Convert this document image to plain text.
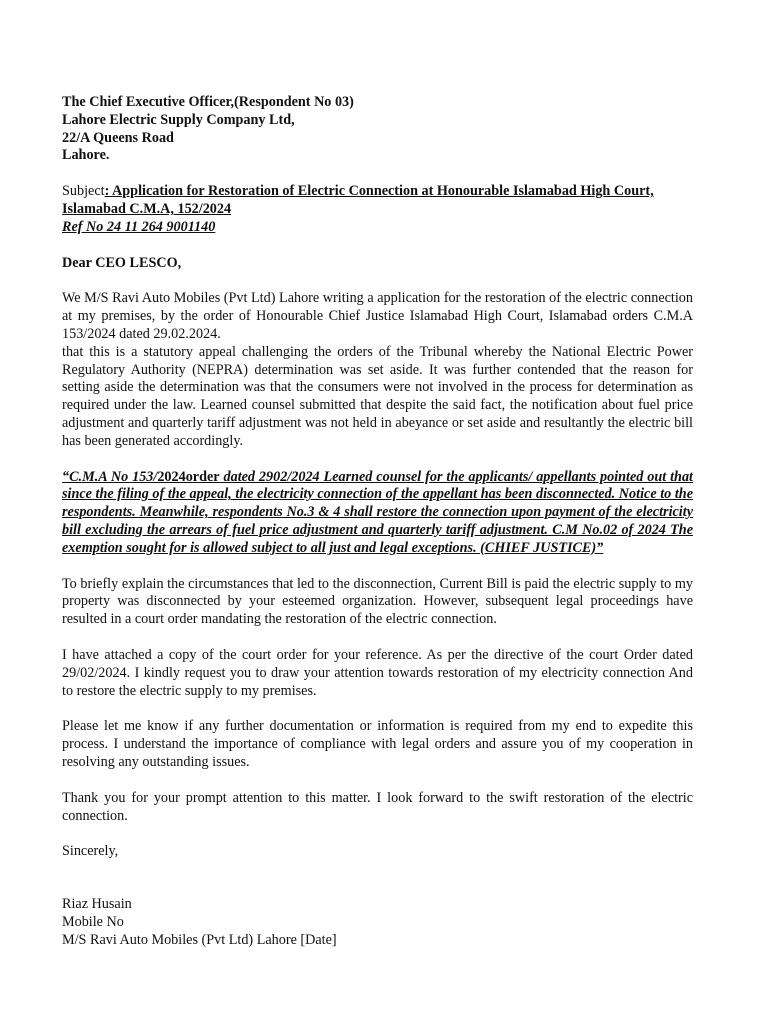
The Chief Executive Officer,(Respondent No 03)
Lahore Electric Supply Company Ltd,
22/A Queens Road
Lahore.
Subject: Application for Restoration of Electric Connection at Honourable Islamabad High Court, Islamabad C.M.A, 152/2024
Ref No 24 11 264 9001140
Dear CEO LESCO,

We M/S Ravi Auto Mobiles (Pvt Ltd) Lahore writing a application for the restoration of the electric connection at my premises, by the order of Honourable Chief Justice Islamabad High Court, Islamabad orders C.M.A 153/2024 dated 29.02.2024.

that this is a statutory appeal challenging the orders of the Tribunal whereby the National Electric Power Regulatory Authority (NEPRA) determination was set aside. It was further contended that the reason for setting aside the determination was that the consumers were not involved in the process for determination as required under the law. Learned counsel submitted that despite the said fact, the notification about fuel price adjustment and quarterly tariff adjustment was not held in abeyance or set aside and resultantly the electric bill has been generated accordingly.

“C.M.A No 153/2024order dated 2902/2024 Learned counsel for the applicants/ appellants pointed out that since the filing of the appeal, the electricity connection of the appellant has been disconnected. Notice to the respondents. Meanwhile, respondents No.3 & 4 shall restore the connection upon payment of the electricity bill excluding the arrears of fuel price adjustment and quarterly tariff adjustment. C.M No.02 of 2024 The exemption sought for is allowed subject to all just and legal exceptions. (CHIEF JUSTICE)”

To briefly explain the circumstances that led to the disconnection, Current Bill is paid the electric supply to my property was disconnected by your esteemed organization. However, subsequent legal proceedings have resulted in a court order mandating the restoration of the electric connection.

I have attached a copy of the court order for your reference. As per the directive of the court Order dated 29/02/2024. I kindly request you to draw your attention towards restoration of my electricity connection And to restore the electric supply to my premises.

Please let me know if any further documentation or information is required from my end to expedite this process. I understand the importance of compliance with legal orders and assure you of my cooperation in resolving any outstanding issues.

Thank you for your prompt attention to this matter. I look forward to the swift restoration of the electric connection.

Sincerely,
Riaz Husain
Mobile No
M/S Ravi Auto Mobiles (Pvt Ltd) Lahore [Date]
